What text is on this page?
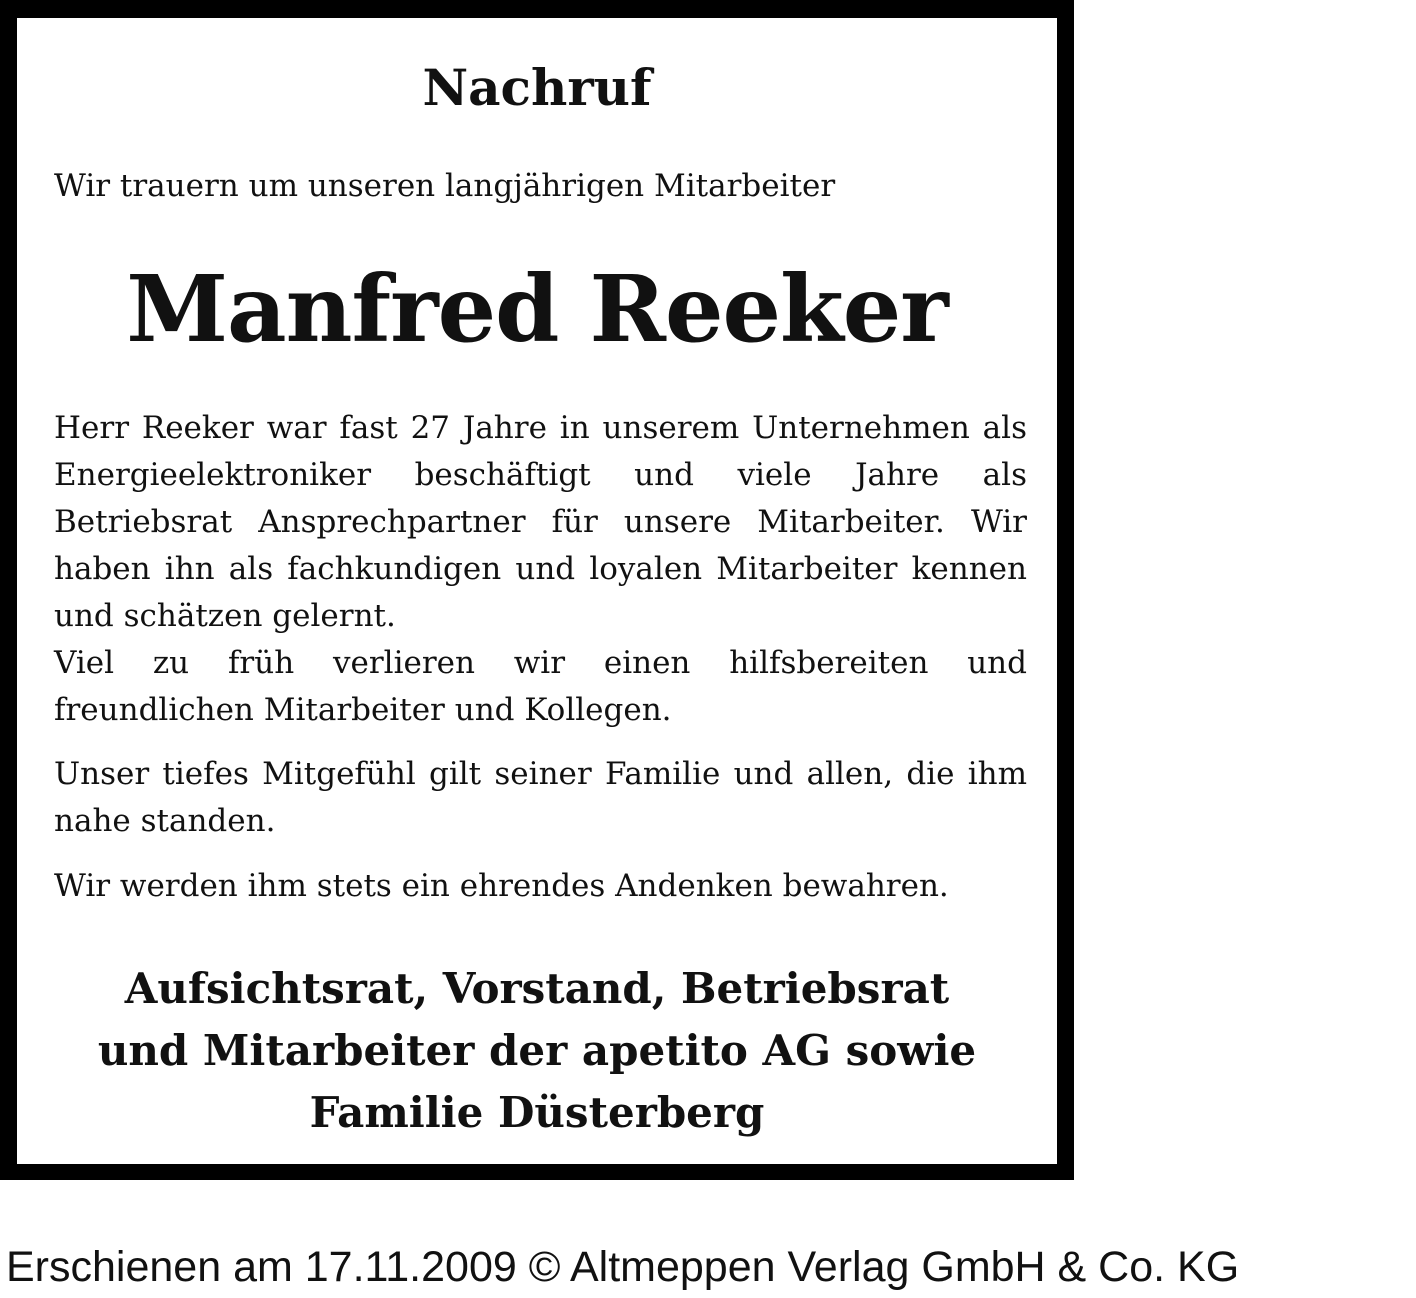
Nachruf

Wir trauern um unseren langjährigen Mitarbeiter

Manfred Reeker
Herr Reeker war fast 27 Jahre in unserem Unternehmen als Energieelektroniker beschäftigt und viele Jahre als Betriebsrat Ansprechpartner für unsere Mitarbeiter. Wir haben ihn als fachkundigen und loyalen Mitarbeiter kennen und schätzen gelernt.
Viel zu früh verlieren wir einen hilfsbereiten und freundlichen Mitarbeiter und Kollegen.

Unser tiefes Mitgefühl gilt seiner Familie und allen, die ihm nahe standen.

Wir werden ihm stets ein ehrendes Andenken bewahren.

Aufsichtsrat, Vorstand, Betriebsrat
und Mitarbeiter der apetito AG sowie
Familie Düsterberg

Erschienen am 17.11.2009 © Altmeppen Verlag GmbH & Co. KG
